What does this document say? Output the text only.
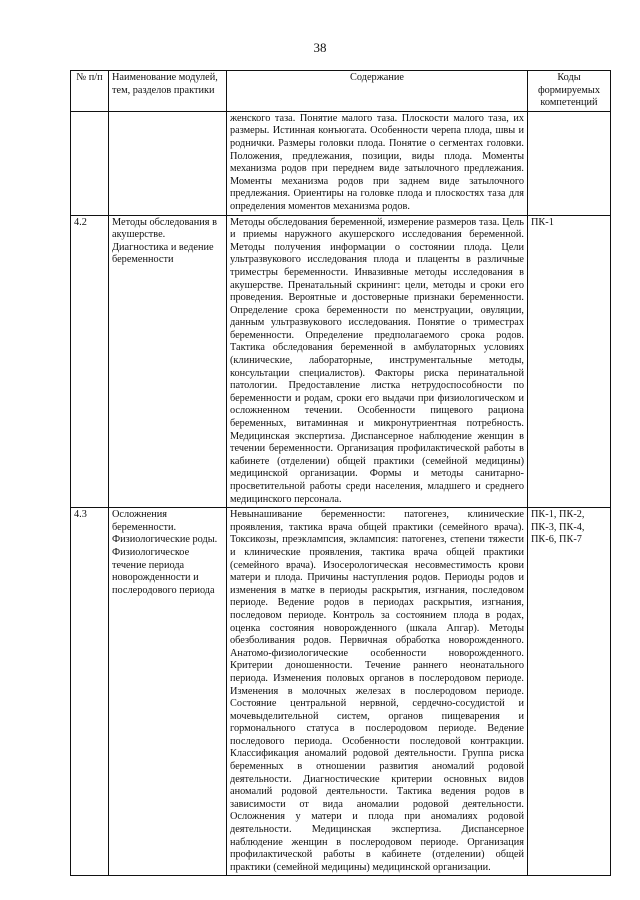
38
№ п/п	Наименование модулей, тем, разделов практики	Содержание	Коды формируемых компетенций
		женского таза. Понятие малого таза. Плоскости малого таза, их размеры. Истинная конъюгата. Особенности черепа плода, швы и роднички. Размеры головки плода. Понятие о сегментах головки. Положения, предлежания, позиции, виды плода. Моменты механизма родов при переднем виде затылочного предлежания. Моменты механизма родов при заднем виде затылочного предлежания. Ориентиры на головке плода и плоскостях таза для определения моментов механизма родов.	
4.2	Методы обследования в акушерстве. Диагностика и ведение беременности	Методы обследования беременной, измерение размеров таза. Цель и приемы наружного акушерского исследования беременной. Методы получения информации о состоянии плода. Цели ультразвукового исследования плода и плаценты в различные триместры беременности. Инвазивные методы исследования в акушерстве. Пренатальный скрининг: цели, методы и сроки его проведения. Вероятные и достоверные признаки беременности. Определение срока беременности по менструации, овуляции, данным ультразвукового исследования. Понятие о триместрах беременности. Определение предполагаемого срока родов. Тактика обследования беременной в амбулаторных условиях (клинические, лабораторные, инструментальные методы, консультации специалистов). Факторы риска перинатальной патологии. Предоставление листка нетрудоспособности по беременности и родам, сроки его выдачи при физиологическом и осложненном течении. Особенности пищевого рациона беременных, витаминная и микронутриентная потребность. Медицинская экспертиза. Диспансерное наблюдение женщин в течении беременности. Организация профилактической работы в кабинете (отделении) общей практики (семейной медицины) медицинской организации. Формы и методы санитарно-просветительной работы среди населения, младшего и среднего медицинского персонала.	ПК-1
4.3	Осложнения беременности. Физиологические роды. Физиологическое течение периода новорожденности и послеродового периода	Невынашивание беременности: патогенез, клинические проявления, тактика врача общей практики (семейного врача). Токсикозы, преэклампсия, эклампсия: патогенез, степени тяжести и клинические проявления, тактика врача общей практики (семейного врача). Изосерологическая несовместимость крови матери и плода. Причины наступления родов. Периоды родов и изменения в матке в периоды раскрытия, изгнания, последовом периоде. Ведение родов в периодах раскрытия, изгнания, последовом периоде. Контроль за состоянием плода в родах, оценка состояния новорожденного (шкала Апгар). Методы обезболивания родов. Первичная обработка новорожденного. Анатомо-физиологические особенности новорожденного. Критерии доношенности. Течение раннего неонатального периода. Изменения половых органов в послеродовом периоде. Изменения в молочных железах в послеродовом периоде. Состояние центральной нервной, сердечно-сосудистой и мочевыделительной систем, органов пищеварения и гормонального статуса в послеродовом периоде. Ведение последового периода. Особенности последовой контракции. Классификация аномалий родовой деятельности. Группа риска беременных в отношении развития аномалий родовой деятельности. Диагностические критерии основных видов аномалий родовой деятельности. Тактика ведения родов в зависимости от вида аномалии родовой деятельности. Осложнения у матери и плода при аномалиях родовой деятельности. Медицинская экспертиза. Диспансерное наблюдение женщин в послеродовом периоде. Организация профилактической работы в кабинете (отделении) общей практики (семейной медицины) медицинской организации.	ПК-1, ПК-2, ПК-3, ПК-4, ПК-6, ПК-7
